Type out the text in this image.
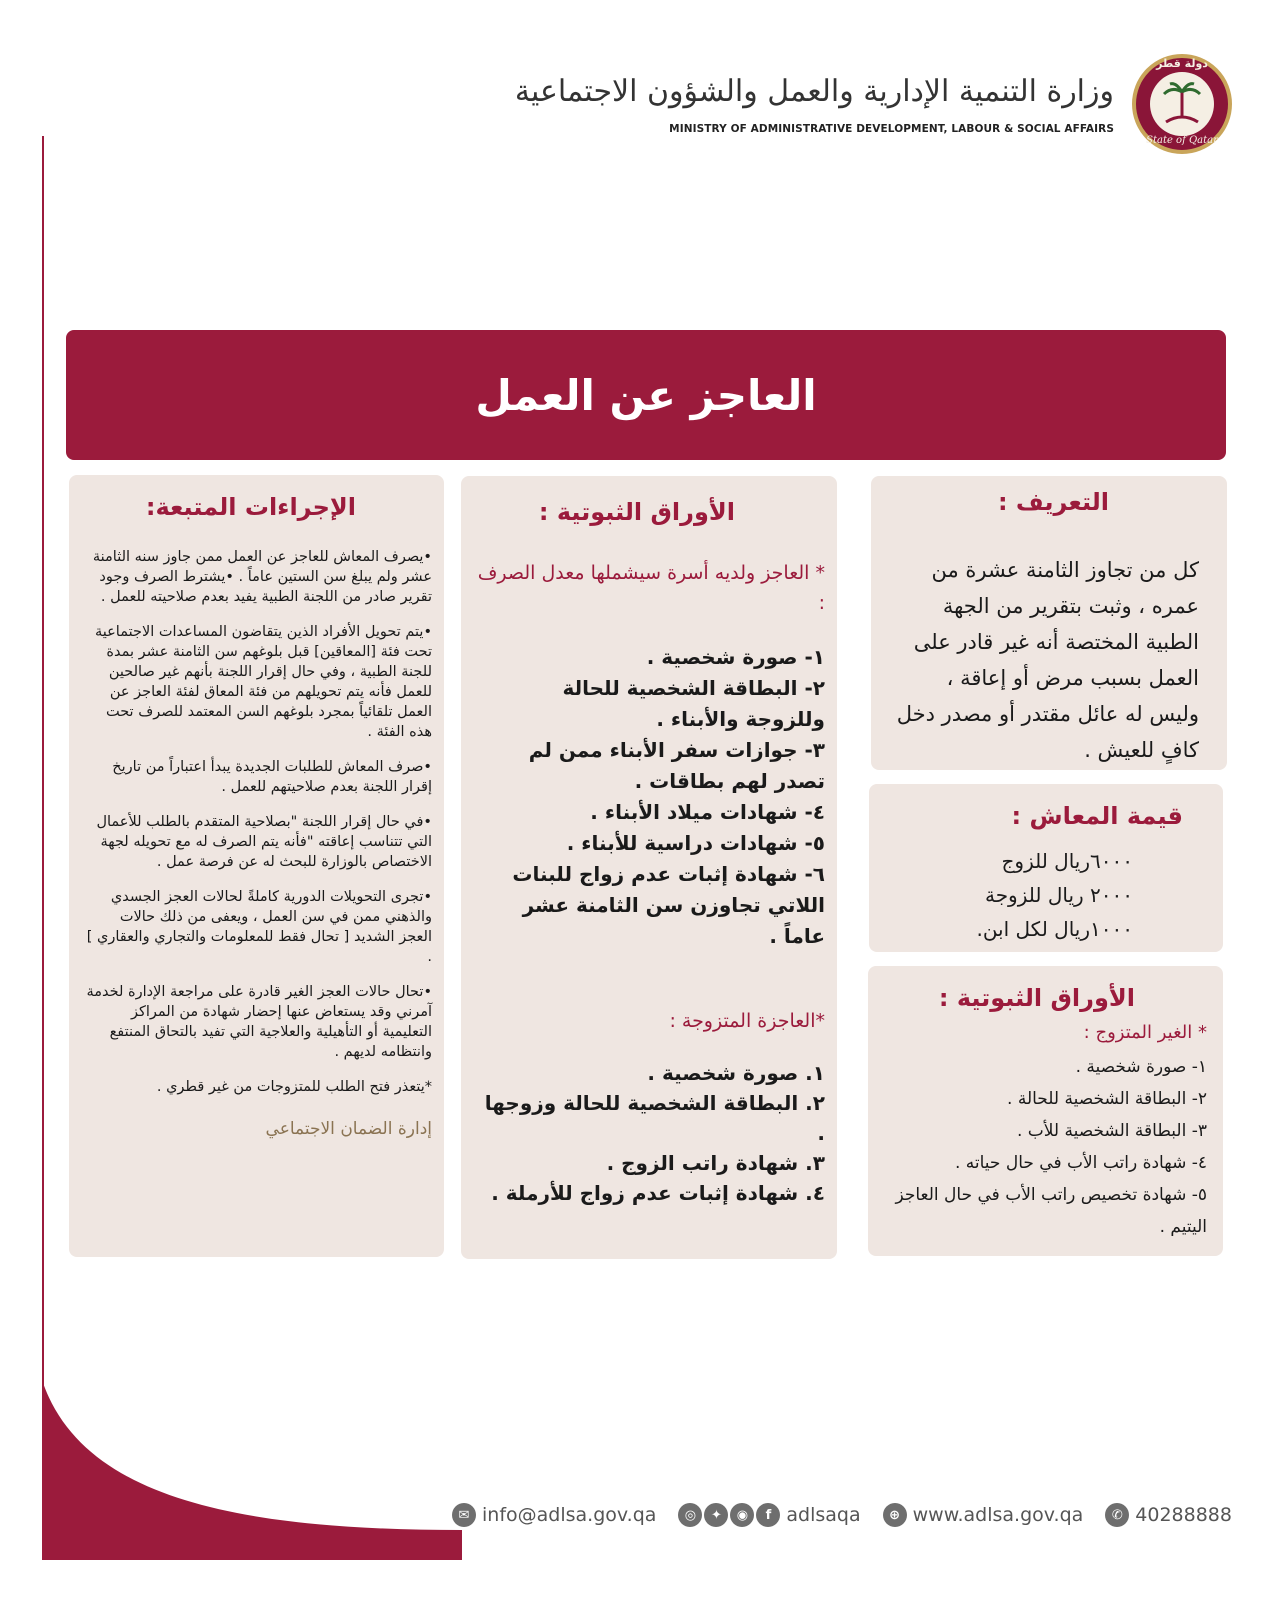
دولة قطر
State of Qatar
وزارة التنمية الإدارية والعمل والشؤون الاجتماعية
MINISTRY OF ADMINISTRATIVE DEVELOPMENT, LABOUR & SOCIAL AFFAIRS
العاجز عن العمل
التعريف :
كل من تجاوز الثامنة عشرة من عمره ، وثبت بتقرير من الجهة الطبية المختصة أنه غير قادر على العمل بسبب مرض أو إعاقة ، وليس له عائل مقتدر أو مصدر دخل كافٍ للعيش .
قيمة المعاش :
٦٠٠٠ريال للزوج
٢٠٠٠ ريال للزوجة
١٠٠٠ريال لكل ابن.
الأوراق الثبوتية :
* الغير المتزوج :
١- صورة شخصية .
٢- البطاقة الشخصية للحالة .
٣- البطاقة الشخصية للأب .
٤- شهادة راتب الأب في حال حياته .
٥- شهادة تخصيص راتب الأب في حال العاجز اليتيم .
الأوراق الثبوتية :
* العاجز ولديه أسرة سيشملها معدل الصرف :
١- صورة شخصية .
٢- البطاقة الشخصية للحالة وللزوجة والأبناء .
٣- جوازات سفر الأبناء ممن لم تصدر لهم بطاقات .
٤- شهادات ميلاد الأبناء .
٥- شهادات دراسية للأبناء .
٦- شهادة إثبات عدم زواج للبنات اللاتي تجاوزن سن الثامنة عشر عاماً .
*العاجزة المتزوجة :
١. صورة شخصية .
٢. البطاقة الشخصية للحالة وزوجها .
٣. شهادة راتب الزوج .
٤. شهادة إثبات عدم زواج للأرملة .
الإجراءات المتبعة:

•يصرف المعاش للعاجز عن العمل ممن جاوز سنه الثامنة عشر ولم يبلغ سن الستين عاماً . •يشترط الصرف وجود تقرير صادر من اللجنة الطبية يفيد بعدم صلاحيته للعمل .

•يتم تحويل الأفراد الذين يتقاضون المساعدات الاجتماعية تحت فئة [المعاقين] قبل بلوغهم سن الثامنة عشر بمدة للجنة الطبية ، وفي حال إقرار اللجنة بأنهم غير صالحين للعمل فأنه يتم تحويلهم من فئة المعاق لفئة العاجز عن العمل تلقائياً بمجرد بلوغهم السن المعتمد للصرف تحت هذه الفئة .

•صرف المعاش للطلبات الجديدة يبدأ اعتباراً من تاريخ إقرار اللجنة بعدم صلاحيتهم للعمل .

•في حال إقرار اللجنة "بصلاحية المتقدم بالطلب للأعمال التي تتناسب إعاقته "فأنه يتم الصرف له مع تحويله لجهة الاختصاص بالوزارة للبحث له عن فرصة عمل .

•تجرى التحويلات الدورية كاملةً لحالات العجز الجسدي والذهني ممن في سن العمل ، ويعفى من ذلك حالات العجز الشديد [ تحال فقط للمعلومات والتجاري والعقاري ] .

•تحال حالات العجز الغير قادرة على مراجعة الإدارة لخدمة آمرني وقد يستعاض عنها إحضار شهادة من المراكز التعليمية أو التأهيلية والعلاجية التي تفيد بالتحاق المنتفع وانتظامه لديهم .

*يتعذر فتح الطلب للمتزوجات من غير قطري .

إدارة الضمان الاجتماعي
✉ info@adlsa.gov.qa	◎	✦	◉	f adlsaqa	⊕ www.adlsa.gov.qa	✆ 40288888
